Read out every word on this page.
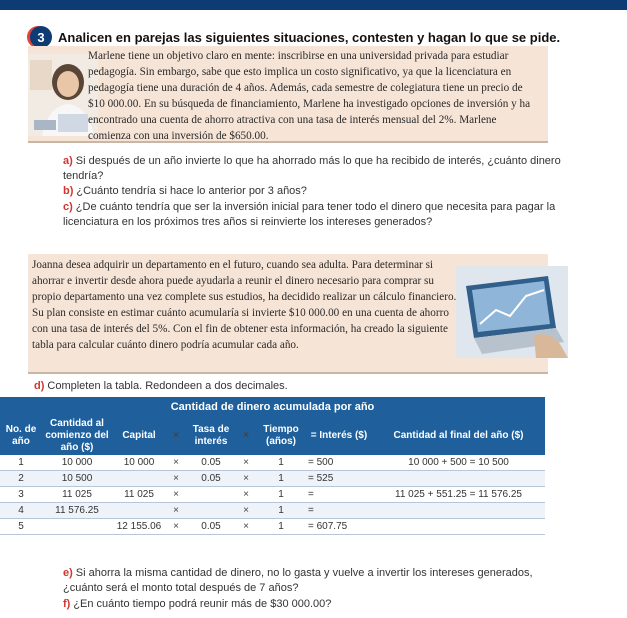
3	Analicen en parejas las siguientes situaciones, contesten y hagan lo que se pide.
Marlene tiene un objetivo claro en mente: inscribirse en una universidad privada para estudiar pedagogía. Sin embargo, sabe que esto implica un costo significativo, ya que la licenciatura en pedagogía tiene una duración de 4 años. Además, cada semestre de colegiatura tiene un precio de $10 000.00. En su búsqueda de financiamiento, Marlene ha investigado opciones de inversión y ha encontrado una cuenta de ahorro atractiva con una tasa de interés mensual del 2%. Marlene comienza con una inversión de $650.00.
a) Si después de un año invierte lo que ha ahorrado más lo que ha recibido de interés, ¿cuánto dinero tendría?
b) ¿Cuánto tendría si hace lo anterior por 3 años?
c) ¿De cuánto tendría que ser la inversión inicial para tener todo el dinero que necesita para pagar la licenciatura en los próximos tres años si reinvierte los intereses generados?
Joanna desea adquirir un departamento en el futuro, cuando sea adulta. Para determinar si ahorrar e invertir desde ahora puede ayudarla a reunir el dinero necesario para comprar su propio departamento una vez complete sus estudios, ha decidido realizar un cálculo financiero. Su plan consiste en estimar cuánto acumularía si invierte $10 000.00 en una cuenta de ahorro con una tasa de interés del 5%. Con el fin de obtener esta información, ha creado la siguiente tabla para calcular cuánto dinero podría acumular cada año.
d) Completen la tabla. Redondeen a dos decimales.
Cantidad de dinero acumulada por año
No. de año	Cantidad al comienzo del año ($)	Capital	×	Tasa de interés	×	Tiempo (años)	= Interés ($)	Cantidad al final del año ($)
1	10 000	10 000	×	0.05	×	1	= 500	10 000 + 500 = 10 500
2	10 500		×	0.05	×	1	= 525	
3	11 025	11 025	×		×	1	=	11 025 + 551.25 = 11 576.25
4	11 576.25		×		×	1	=	
5		12 155.06	×	0.05	×	1	= 607.75	
e) Si ahorra la misma cantidad de dinero, no lo gasta y vuelve a invertir los intereses generados, ¿cuánto será el monto total después de 7 años?
f) ¿En cuánto tiempo podrá reunir más de $30 000.00?
